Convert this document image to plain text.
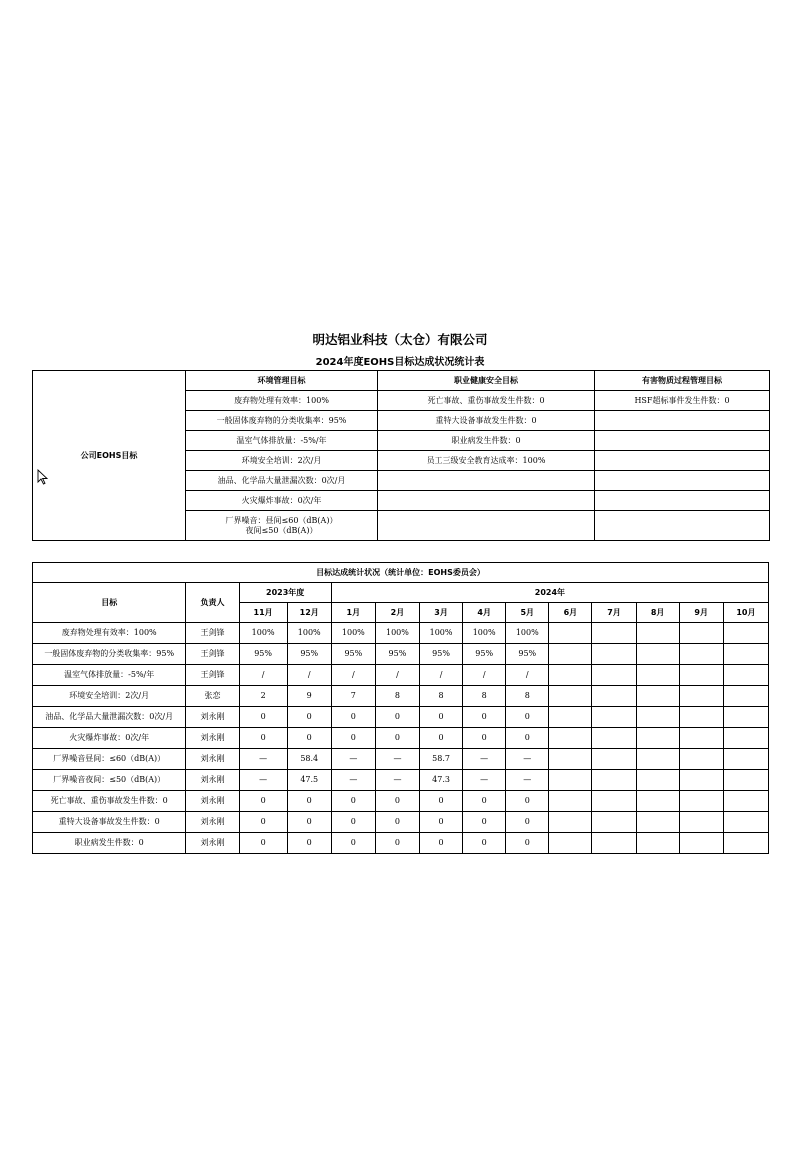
明达铝业科技（太仓）有限公司
2024年度EOHS目标达成状况统计表
公司EOHS目标	环境管理目标	职业健康安全目标	有害物质过程管理目标
	废弃物处理有效率：100%	死亡事故、重伤事故发生件数：0	HSF超标事件发生件数：0
	一般固体废弃物的分类收集率：95%	重特大设备事故发生件数：0	
	温室气体排放量：-5%/年	职业病发生件数：0	
	环境安全培训：2次/月	员工三级安全教育达成率：100%	
	油品、化学品大量泄漏次数：0次/月		
	火灾爆炸事故：0次/年		

	厂界噪音：昼间≤60（dB(A)）
夜间≤50（dB(A)）		

目标达成统计状况（统计单位：EOHS委员会）													
目标	负责人	2023年度		2024年									
		11月	12月	1月	2月	3月	4月	5月	6月	7月	8月	9月	10月
废弃物处理有效率：100%	王剑锋	100%	100%	100%	100%	100%	100%	100%					
一般固体废弃物的分类收集率：95%	王剑锋	95%	95%	95%	95%	95%	95%	95%					
温室气体排放量：-5%/年	王剑锋	/	/	/	/	/	/	/					
环境安全培训：2次/月	张恋	2	9	7	8	8	8	8					
油品、化学品大量泄漏次数：0次/月	刘永刚	0	0	0	0	0	0	0					
火灾爆炸事故：0次/年	刘永刚	0	0	0	0	0	0	0					
厂界噪音昼间：≤60（dB(A)）	刘永刚	—	58.4	—	—	58.7	—	—					
厂界噪音夜间：≤50（dB(A)）	刘永刚	—	47.5	—	—	47.3	—	—					
死亡事故、重伤事故发生件数：0	刘永刚	0	0	0	0	0	0	0					
重特大设备事故发生件数：0	刘永刚	0	0	0	0	0	0	0					
职业病发生件数：0	刘永刚	0	0	0	0	0	0	0					
